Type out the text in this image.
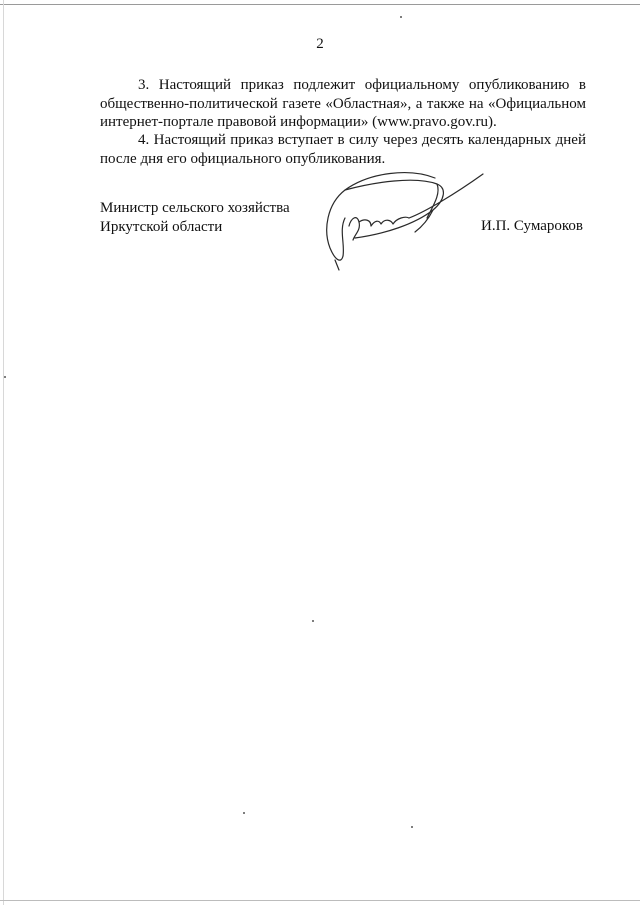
2

3. Настоящий приказ подлежит официальному опубликованию в общественно-политической газете «Областная», а также на «Официальном интернет-портале правовой информации» (www.pravo.gov.ru).

4. Настоящий приказ вступает в силу через десять календарных дней после дня его официального опубликования.

Министр сельского хозяйства
Иркутской области	И.П. Сумароков
